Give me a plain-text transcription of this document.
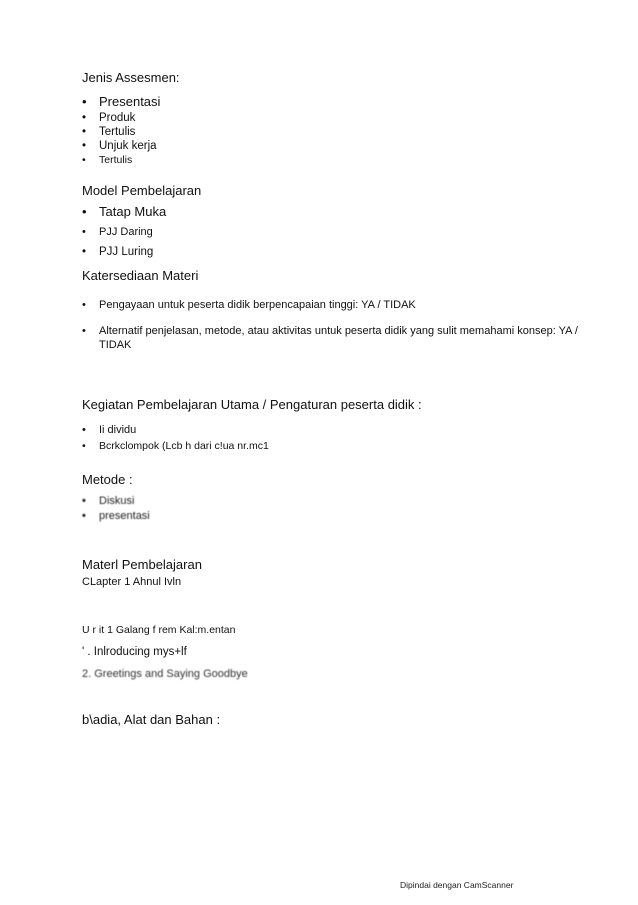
Jenis Assesmen:
• Presentasi
• Produk
• Tertulis
• Unjuk kerja
• Tertulis
Model Pembelajaran
• Tatap Muka
• PJJ Daring
• PJJ Luring
Katersediaan Materi
• Pengayaan untuk peserta didik berpencapaian tinggi: YA / TIDAK
• Alternatif penjelasan, metode, atau aktivitas untuk peserta didik yang sulit memahami konsep: YA / TIDAK
Kegiatan Pembelajaran Utama / Pengaturan peserta didik :
• Ii dividu
• Bcrkclompok (Lcb h dari c!ua nr.mc1
Metode :
• Diskusi
• presentasi
Materl Pembelajaran
CLapter 1 Ahnul Ivln
U r it 1 Galang f rem Kal:m.entan
' . Inlroducing mys+lf
2. Greetings and Saying Goodbye
b\adia, Alat dan Bahan :
Dipindai dengan CamScanner
